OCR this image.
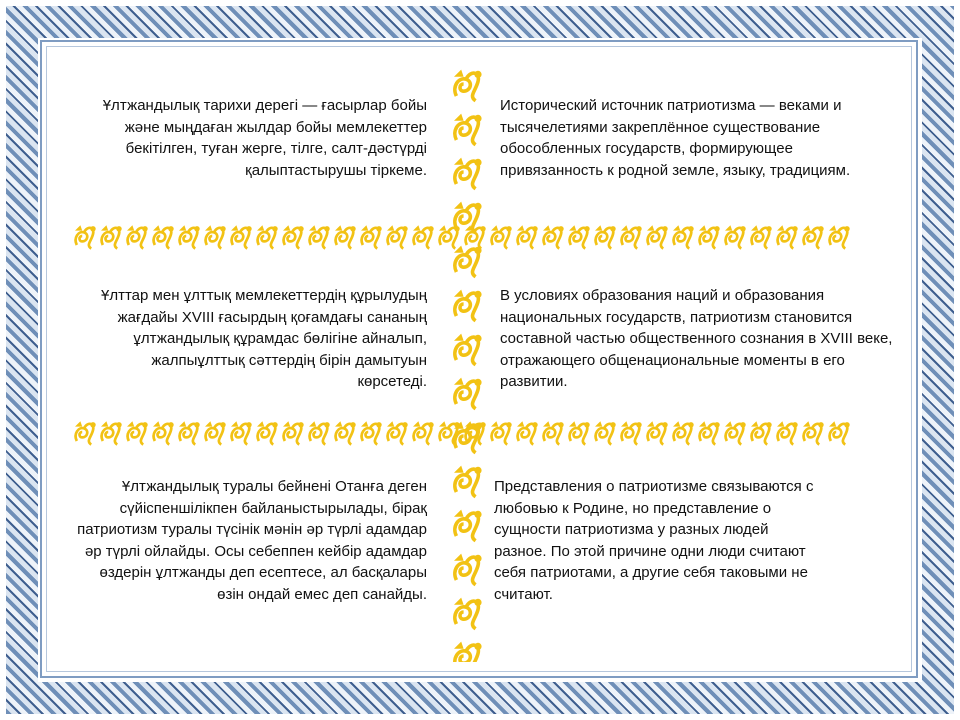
Ұлтжандылық тарихи дерегі — ғасырлар бойы және мыңдаған жылдар бойы мемлекеттер бекітілген, туған жерге, тілге, салт-дәстүрді қалыптастырушы тіркеме.
Исторический источник патриотизма — веками и тысячелетиями закреплённое существование обособленных государств, формирующее привязанность к родной земле, языку, традициям.
Ұлттар мен ұлттық мемлекеттердің құрылудың жағдайы XVIII ғасырдың қоғамдағы сананың ұлтжандылық құрамдас бөлігіне айналып, жалпыұлттық сәттердің бірін дамытуын көрсетеді.
В условиях образования наций и образования национальных государств, патриотизм становится составной частью общественного сознания в XVIII веке, отражающего общенациональные моменты в его развитии.
Ұлтжандылық туралы бейнені Отанға деген сүйіспеншілікпен байланыстырылады, бірақ патриотизм туралы түсінік мәнін әр түрлі адамдар әр түрлі ойлайды. Осы себеппен кейбір адамдар өздерін ұлтжанды деп есептесе, ал басқалары өзін ондай емес деп санайды.
Представления о патриотизме связываются с любовью к Родине, но представление о сущности патриотизма у разных людей разное. По этой причине одни люди считают себя патриотами, а другие себя таковыми не считают.
